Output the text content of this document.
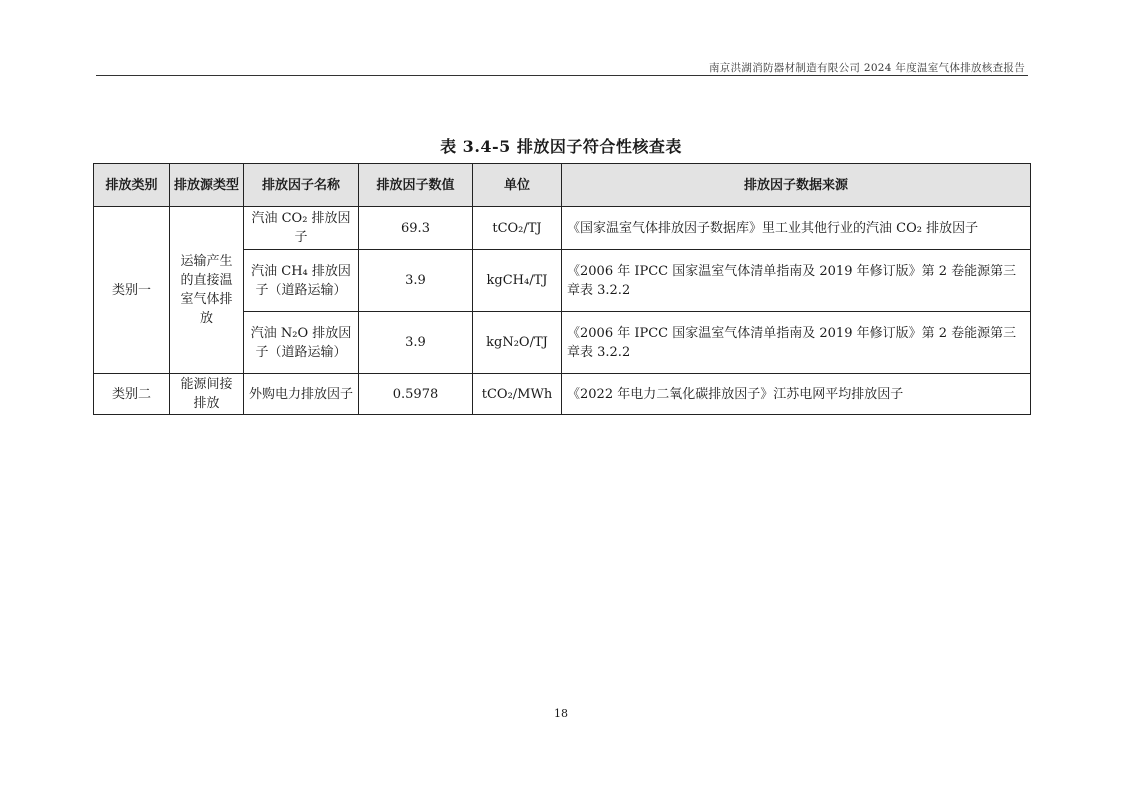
南京洪湖消防器材制造有限公司 2024 年度温室气体排放核查报告
表 3.4-5 排放因子符合性核查表
排放类别	排放源类型	排放因子名称	排放因子数值	单位	排放因子数据来源
类别一	运输产生的直接温室气体排放	汽油 CO₂ 排放因子	69.3	tCO₂/TJ	《国家温室气体排放因子数据库》里工业其他行业的汽油 CO₂ 排放因子
		汽油 CH₄ 排放因子（道路运输）	3.9	kgCH₄/TJ	《2006 年 IPCC 国家温室气体清单指南及 2019 年修订版》第 2 卷能源第三章表 3.2.2
		汽油 N₂O 排放因子（道路运输）	3.9	kgN₂O/TJ	《2006 年 IPCC 国家温室气体清单指南及 2019 年修订版》第 2 卷能源第三章表 3.2.2
类别二	能源间接排放	外购电力排放因子	0.5978	tCO₂/MWh	《2022 年电力二氧化碳排放因子》江苏电网平均排放因子
18
